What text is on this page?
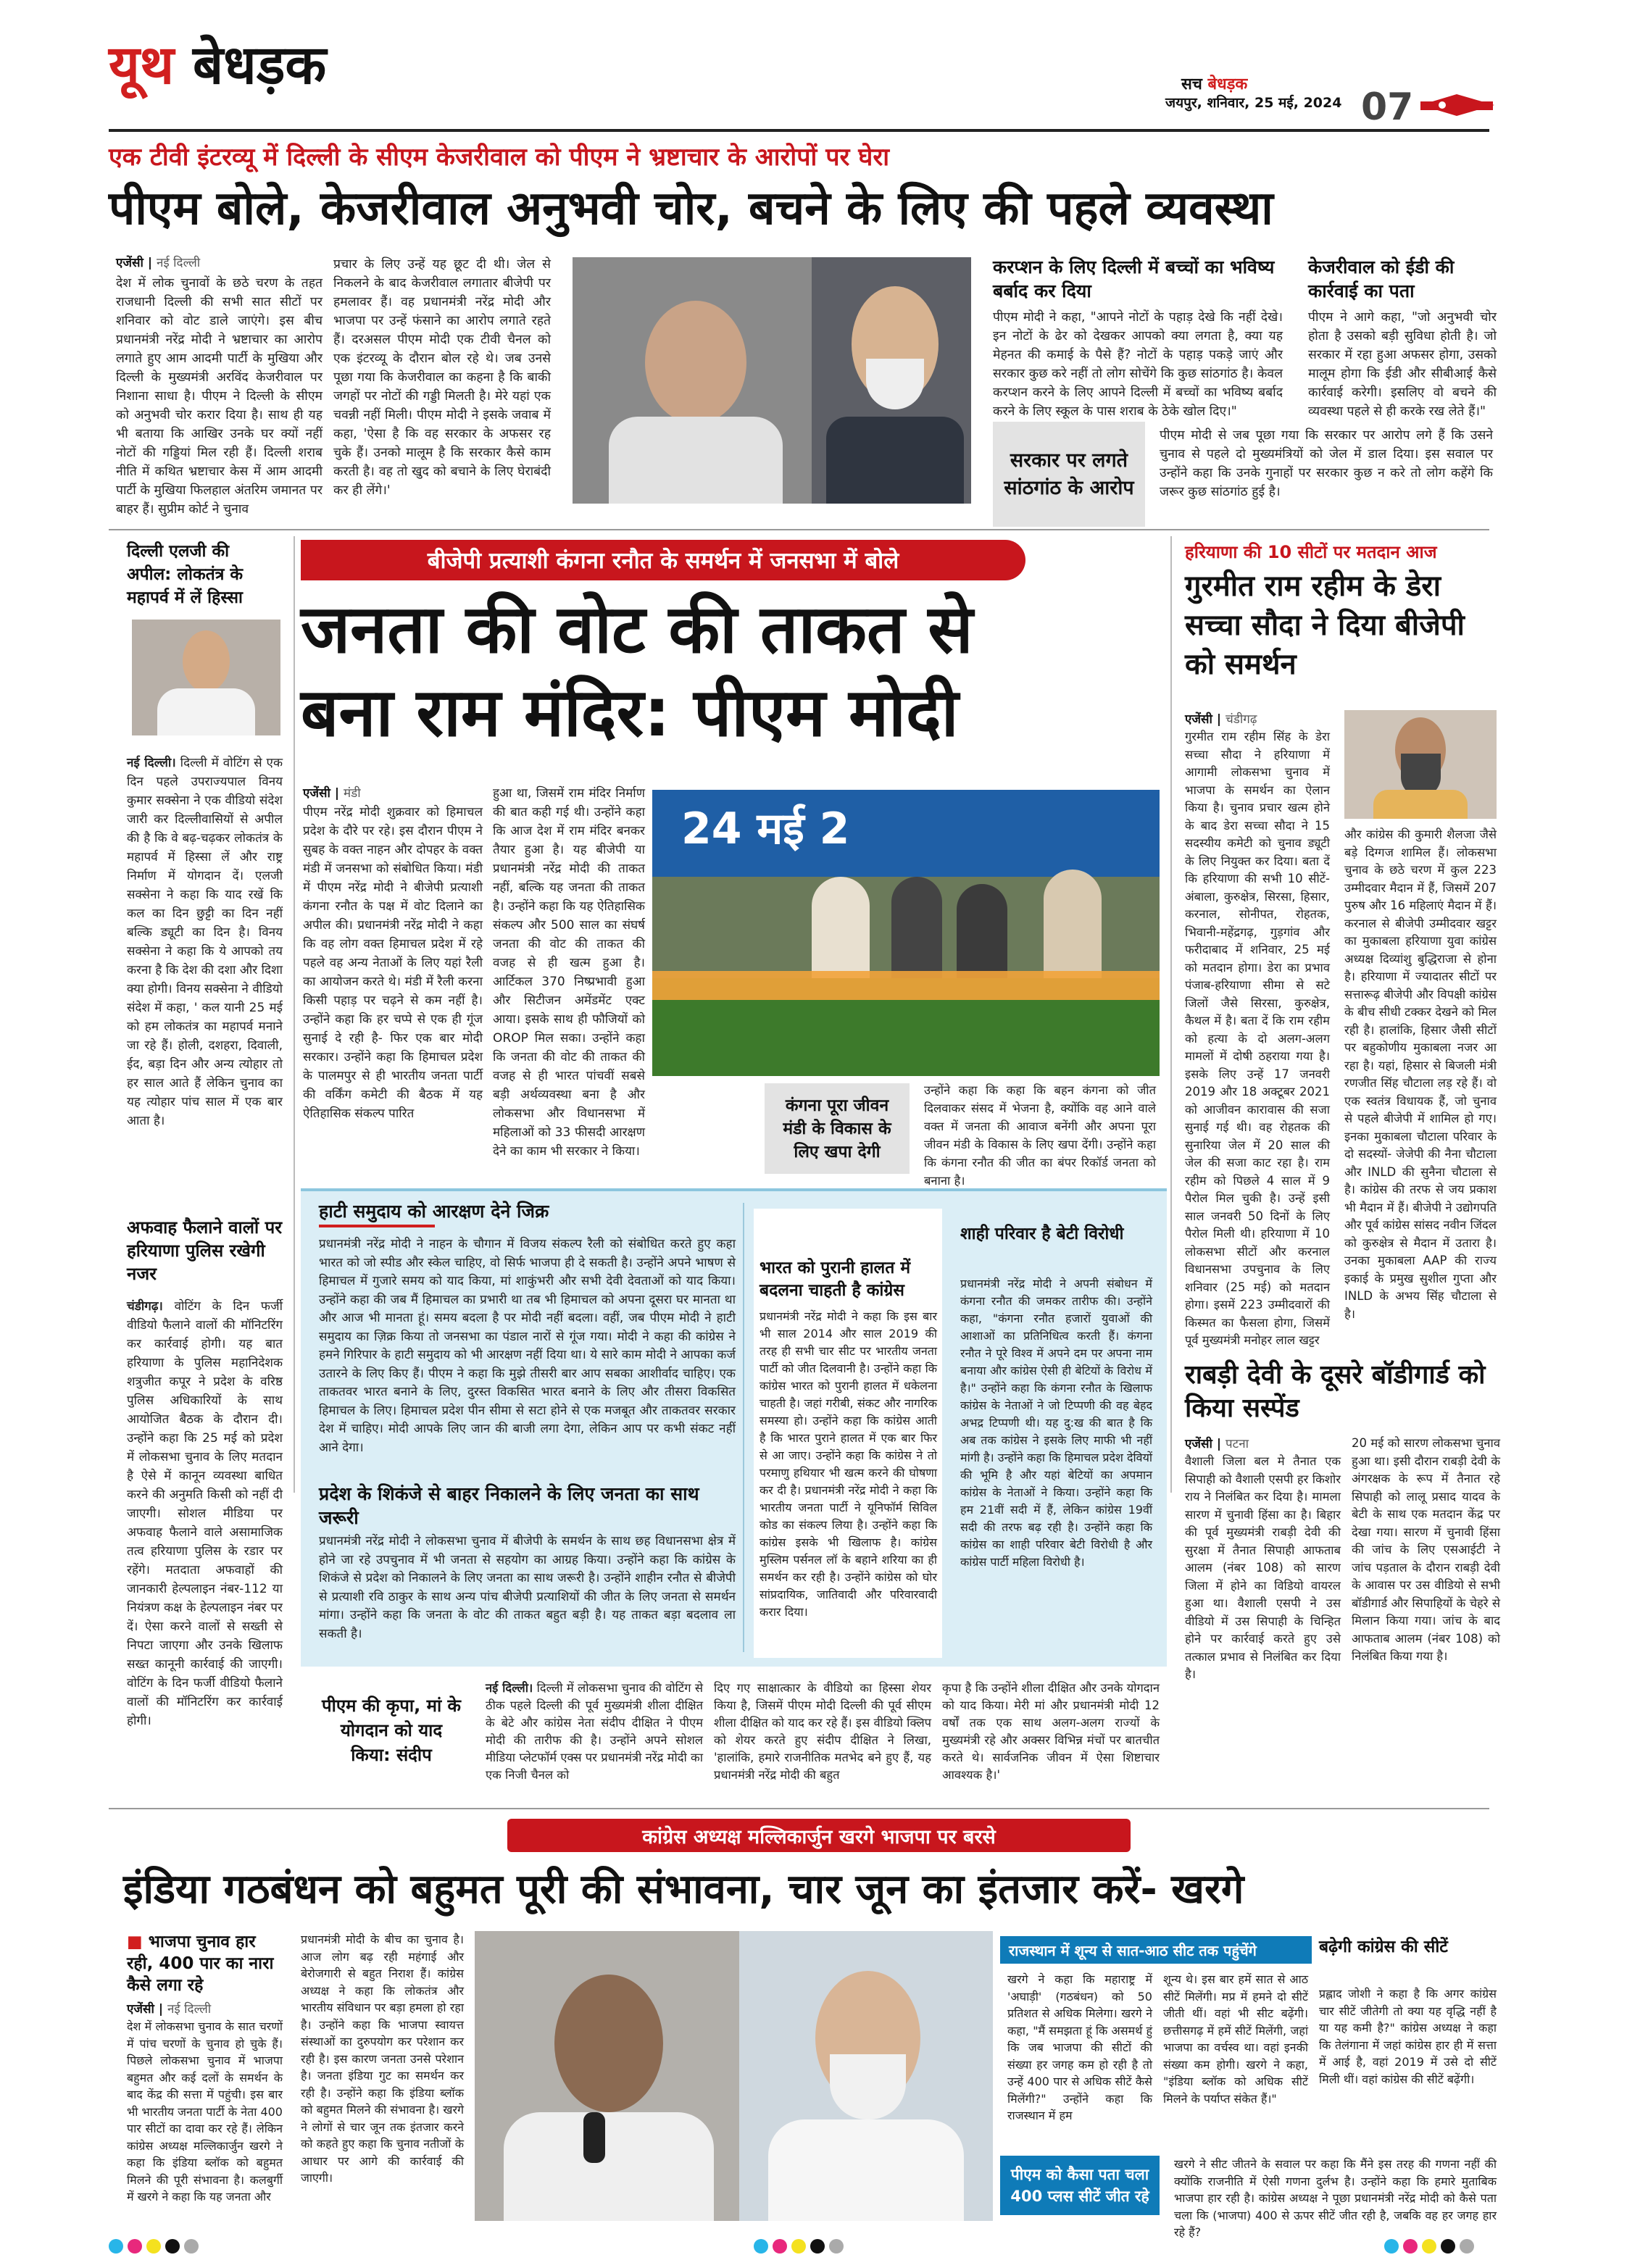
यूथ बेधड़क	सच बेधड़क
जयपुर, शनिवार, 25 मई, 2024 07
एक टीवी इंटरव्यू में दिल्ली के सीएम केजरीवाल को पीएम ने भ्रष्टाचार के आरोपों पर घेरा
पीएम बोले, केजरीवाल अनुभवी चोर, बचने के लिए की पहले व्यवस्था
एजेंसी | नई दिल्ली

देश में लोक चुनावों के छठे चरण के तहत राजधानी दिल्ली की सभी सात सीटों पर शनिवार को वोट डाले जाएंगे। इस बीच प्रधानमंत्री नरेंद्र मोदी ने भ्रष्टाचार का आरोप लगाते हुए आम आदमी पार्टी के मुखिया और दिल्ली के मुख्यमंत्री अरविंद केजरीवाल पर निशाना साधा है। पीएम ने दिल्ली के सीएम को अनुभवी चोर करार दिया है। साथ ही यह भी बताया कि आखिर उनके घर क्यों नहीं नोटों की गड्डियां मिल रही हैं। दिल्ली शराब नीति में कथित भ्रष्टाचार केस में आम आदमी पार्टी के मुखिया फिलहाल अंतरिम जमानत पर बाहर हैं। सुप्रीम कोर्ट ने चुनाव

प्रचार के लिए उन्हें यह छूट दी थी। जेल से निकलने के बाद केजरीवाल लगातार बीजेपी पर हमलावर हैं। वह प्रधानमंत्री नरेंद्र मोदी और भाजपा पर उन्हें फंसाने का आरोप लगाते रहते हैं। दरअसल पीएम मोदी एक टीवी चैनल को एक इंटरव्यू के दौरान बोल रहे थे। जब उनसे पूछा गया कि केजरीवाल का कहना है कि बाकी जगहों पर नोटों की गड्डी मिलती है। मेरे यहां एक चवन्नी नहीं मिली। पीएम मोदी ने इसके जवाब में कहा, 'ऐसा है कि वह सरकार के अफसर रह चुके हैं। उनको मालूम है कि सरकार कैसे काम करती है। वह तो खुद को बचाने के लिए घेराबंदी कर ही लेंगे।'

करप्शन के लिए दिल्ली में बच्चों का भविष्य बर्बाद कर दिया

पीएम मोदी ने कहा, "आपने नोटों के पहाड़ देखे कि नहीं देखे। इन नोटों के ढेर को देखकर आपको क्या लगता है, क्या यह मेहनत की कमाई के पैसे हैं? नोटों के पहाड़ पकड़े जाएं और सरकार कुछ करे नहीं तो लोग सोचेंगे कि कुछ सांठगांठ है। केवल करप्शन करने के लिए आपने दिल्ली में बच्चों का भविष्य बर्बाद करने के लिए स्कूल के पास शराब के ठेके खोल दिए।"

केजरीवाल को ईडी की कार्रवाई का पता

पीएम ने आगे कहा, "जो अनुभवी चोर होता है उसको बड़ी सुविधा होती है। जो सरकार में रहा हुआ अफसर होगा, उसको मालूम होगा कि ईडी और सीबीआई कैसे कार्रवाई करेगी। इसलिए वो बचने की व्यवस्था पहले से ही करके रख लेते हैं।"

सरकार पर लगते सांठगांठ के आरोप

पीएम मोदी से जब पूछा गया कि सरकार पर आरोप लगे हैं कि उसने चुनाव से पहले दो मुख्यमंत्रियों को जेल में डाल दिया। इस सवाल पर उन्होंने कहा कि उनके गुनाहों पर सरकार कुछ न करे तो लोग कहेंगे कि जरूर कुछ सांठगांठ हुई है।

दिल्ली एलजी की अपील: लोकतंत्र के महापर्व में लें हिस्सा

नई दिल्ली। दिल्ली में वोटिंग से एक दिन पहले उपराज्यपाल विनय कुमार सक्सेना ने एक वीडियो संदेश जारी कर दिल्लीवासियों से अपील की है कि वे बढ़-चढ़कर लोकतंत्र के महापर्व में हिस्सा लें और राष्ट्र निर्माण में योगदान दें। एलजी सक्सेना ने कहा कि याद रखें कि कल का दिन छुट्टी का दिन नहीं बल्कि ड्यूटी का दिन है। विनय सक्सेना ने कहा कि ये आपको तय करना है कि देश की दशा और दिशा क्या होगी। विनय सक्सेना ने वीडियो संदेश में कहा, ' कल यानी 25 मई को हम लोकतंत्र का महापर्व मनाने जा रहे हैं। होली, दशहरा, दिवाली, ईद, बड़ा दिन और अन्य त्योहार तो हर साल आते हैं लेकिन चुनाव का यह त्योहार पांच साल में एक बार आता है।

अफवाह फैलाने वालों पर हरियाणा पुलिस रखेगी नजर

चंडीगढ़। वोटिंग के दिन फर्जी वीडियो फैलाने वालों की मॉनिटरिंग कर कार्रवाई होगी। यह बात हरियाणा के पुलिस महानिदेशक शत्रुजीत कपूर ने प्रदेश के वरिष्ठ पुलिस अधिकारियों के साथ आयोजित बैठक के दौरान दी। उन्होंने कहा कि 25 मई को प्रदेश में लोकसभा चुनाव के लिए मतदान है ऐसे में कानून व्यवस्था बाधित करने की अनुमति किसी को नहीं दी जाएगी। सोशल मीडिया पर अफवाह फैलाने वाले असामाजिक तत्व हरियाणा पुलिस के रडार पर रहेंगे। मतदाता अफवाहों की जानकारी हेल्पलाइन नंबर-112 या नियंत्रण कक्ष के हेल्पलाइन नंबर पर दें। ऐसा करने वालों से सख्ती से निपटा जाएगा और उनके खिलाफ सख्त कानूनी कार्रवाई की जाएगी। वोटिंग के दिन फर्जी वीडियो फैलाने वालों की मॉनिटरिंग कर कार्रवाई होगी।

बीजेपी प्रत्याशी कंगना रनौत के समर्थन में जनसभा में बोले
जनता की वोट की ताकत से
बना राम मंदिर: पीएम मोदी
एजेंसी | मंडी

पीएम नरेंद्र मोदी शुक्रवार को हिमाचल प्रदेश के दौरे पर रहे। इस दौरान पीएम ने सुबह के वक्त नाहन और दोपहर के वक्त मंडी में जनसभा को संबोधित किया। मंडी में पीएम नरेंद्र मोदी ने बीजेपी प्रत्याशी कंगना रनौत के पक्ष में वोट दिलाने का अपील की। प्रधानमंत्री नरेंद्र मोदी ने कहा कि वह लोग वक्त हिमाचल प्रदेश में रहे पहले वह अन्य नेताओं के लिए यहां रैली का आयोजन करते थे। मंडी में रैली करना किसी पहाड़ पर चढ़ने से कम नहीं है। उन्होंने कहा कि हर चप्पे से एक ही गूंज सुनाई दे रही है- फिर एक बार मोदी सरकार। उन्होंने कहा कि हिमाचल प्रदेश के पालमपुर से ही भारतीय जनता पार्टी की वर्किंग कमेटी की बैठक में यह ऐतिहासिक संकल्प पारित

हुआ था, जिसमें राम मंदिर निर्माण की बात कही गई थी। उन्होंने कहा कि आज देश में राम मंदिर बनकर तैयार हुआ है। यह बीजेपी या प्रधानमंत्री नरेंद्र मोदी की ताकत नहीं, बल्कि यह जनता की ताकत है। उन्होंने कहा कि यह ऐतिहासिक संकल्प और 500 साल का संघर्ष जनता की वोट की ताकत की वजह से ही खत्म हुआ है। आर्टिकल 370 निष्प्रभावी हुआ और सिटीजन अमेंडमेंट एक्ट आया। इसके साथ ही फौजियों को OROP मिल सका। उन्होंने कहा कि जनता की वोट की ताकत की वजह से ही भारत पांचवीं सबसे बड़ी अर्थव्यवस्था बना है और लोकसभा और विधानसभा में महिलाओं को 33 फीसदी आरक्षण देने का काम भी सरकार ने किया।

24 मई 2
कंगना पूरा जीवन मंडी के विकास के लिए खपा देगी

उन्होंने कहा कि कहा कि बहन कंगना को जीत दिलवाकर संसद में भेजना है, क्योंकि वह आने वाले वक्त में जनता की आवाज बनेंगी और अपना पूरा जीवन मंडी के विकास के लिए खपा देंगी। उन्होंने कहा कि कंगना रनौत की जीत का बंपर रिकॉर्ड जनता को बनाना है।

हाटी समुदाय को आरक्षण देने जिक्र

प्रधानमंत्री नरेंद्र मोदी ने नाहन के चौगान में विजय संकल्प रैली को संबोधित करते हुए कहा भारत को जो स्पीड और स्केल चाहिए, वो सिर्फ भाजपा ही दे सकती है। उन्होंने अपने भाषण से हिमाचल में गुजारे समय को याद किया, मां शाकुंभरी और सभी देवी देवताओं को याद किया। उन्होंने कहा की जब मैं हिमाचल का प्रभारी था तब भी हिमाचल को अपना दूसरा घर मानता था और आज भी मानता हूं। समय बदला है पर मोदी नहीं बदला। वहीं, जब पीएम मोदी ने हाटी समुदाय का ज़िक्र किया तो जनसभा का पंडाल नारों से गूंज गया। मोदी ने कहा की कांग्रेस ने हमने गिरिपार के हाटी समुदाय को भी आरक्षण नहीं दिया था। ये सारे काम मोदी ने आपका कर्ज उतारने के लिए किए हैं। पीएम ने कहा कि मुझे तीसरी बार आप सबका आशीर्वाद चाहिए। एक ताकतवर भारत बनाने के लिए, दुरस्त विकसित भारत बनाने के लिए और तीसरा विकसित हिमाचल के लिए। हिमाचल प्रदेश पीन सीमा से सटा होने से एक मजबूत और ताकतवर सरकार देश में चाहिए। मोदी आपके लिए जान की बाजी लगा देगा, लेकिन आप पर कभी संकट नहीं आने देगा।

प्रदेश के शिकंजे से बाहर निकालने के लिए जनता का साथ जरूरी

प्रधानमंत्री नरेंद्र मोदी ने लोकसभा चुनाव में बीजेपी के समर्थन के साथ छह विधानसभा क्षेत्र में होने जा रहे उपचुनाव में भी जनता से सहयोग का आग्रह किया। उन्होंने कहा कि कांग्रेस के शिकंजे से प्रदेश को निकालने के लिए जनता का साथ जरूरी है। उन्होंने शाहीन रनौत से बीजेपी से प्रत्याशी रवि ठाकुर के साथ अन्य पांच बीजेपी प्रत्याशियों की जीत के लिए जनता से समर्थन मांगा। उन्होंने कहा कि जनता के वोट की ताकत बहुत बड़ी है। यह ताकत बड़ा बदलाव ला सकती है।

भारत को पुरानी हालत में बदलना चाहती है कांग्रेस

प्रधानमंत्री नरेंद्र मोदी ने कहा कि इस बार भी साल 2014 और साल 2019 की तरह ही सभी चार सीट पर भारतीय जनता पार्टी को जीत दिलवानी है। उन्होंने कहा कि कांग्रेस भारत को पुरानी हालत में धकेलना चाहती है। जहां गरीबी, संकट और नागरिक समस्या हो। उन्होंने कहा कि कांग्रेस आती है कि भारत पुराने हालत में एक बार फिर से आ जाए। उन्होंने कहा कि कांग्रेस ने तो परमाणु हथियार भी खत्म करने की घोषणा कर दी है। प्रधानमंत्री नरेंद्र मोदी ने कहा कि भारतीय जनता पार्टी ने यूनिफॉर्म सिविल कोड का संकल्प लिया है। उन्होंने कहा कि कांग्रेस इसके भी खिलाफ है। कांग्रेस मुस्लिम पर्सनल लॉ के बहाने शरिया का ही समर्थन कर रही है। उन्होंने कांग्रेस को घोर सांप्रदायिक, जातिवादी और परिवारवादी करार दिया।

शाही परिवार है बेटी विरोधी

प्रधानमंत्री नरेंद्र मोदी ने अपनी संबोधन में कंगना रनौत की जमकर तारीफ की। उन्होंने कहा, "कंगना रनौत हजारों युवाओं की आशाओं का प्रतिनिधित्व करती हैं। कंगना रनौत ने पूरे विश्व में अपने दम पर अपना नाम बनाया और कांग्रेस ऐसी ही बेटियों के विरोध में है।" उन्होंने कहा कि कंगना रनौत के खिलाफ कांग्रेस के नेताओं ने जो टिप्पणी की वह बेहद अभद्र टिप्पणी थी। यह दु:ख की बात है कि अब तक कांग्रेस ने इसके लिए माफी भी नहीं मांगी है। उन्होंने कहा कि हिमाचल प्रदेश देवियों की भूमि है और यहां बेटियों का अपमान कांग्रेस के नेताओं ने किया। उन्होंने कहा कि हम 21वीं सदी में हैं, लेकिन कांग्रेस 19वीं सदी की तरफ बढ़ रही है। उन्होंने कहा कि कांग्रेस का शाही परिवार बेटी विरोधी है और कांग्रेस पार्टी महिला विरोधी है।

पीएम की कृपा, मां के योगदान को याद किया: संदीप

नई दिल्ली। दिल्ली में लोकसभा चुनाव की वोटिंग से ठीक पहले दिल्ली की पूर्व मुख्यमंत्री शीला दीक्षित के बेटे और कांग्रेस नेता संदीप दीक्षित ने पीएम मोदी की तारीफ की है। उन्होंने अपने सोशल मीडिया प्लेटफॉर्म एक्स पर प्रधानमंत्री नरेंद्र मोदी का एक निजी चैनल को

दिए गए साक्षात्कार के वीडियो का हिस्सा शेयर किया है, जिसमें पीएम मोदी दिल्ली की पूर्व सीएम शीला दीक्षित को याद कर रहे हैं। इस वीडियो क्लिप को शेयर करते हुए संदीप दीक्षित ने लिखा, 'हालांकि, हमारे राजनीतिक मतभेद बने हुए हैं, यह प्रधानमंत्री नरेंद्र मोदी की बहुत

कृपा है कि उन्होंने शीला दीक्षित और उनके योगदान को याद किया। मेरी मां और प्रधानमंत्री मोदी 12 वर्षों तक एक साथ अलग-अलग राज्यों के मुख्यमंत्री रहे और अक्सर विभिन्न मंचों पर बातचीत करते थे। सार्वजनिक जीवन में ऐसा शिष्टाचार आवश्यक है।'

हरियाणा की 10 सीटों पर मतदान आज
गुरमीत राम रहीम के डेरा सच्चा सौदा ने दिया बीजेपी को समर्थन
एजेंसी | चंडीगढ़

गुरमीत राम रहीम सिंह के डेरा सच्चा सौदा ने हरियाणा में आगामी लोकसभा चुनाव में भाजपा के समर्थन का ऐलान किया है। चुनाव प्रचार खत्म होने के बाद डेरा सच्चा सौदा ने 15 सदस्यीय कमेटी को चुनाव ड्यूटी के लिए नियुक्त कर दिया। बता दें कि हरियाणा की सभी 10 सीटें- अंबाला, कुरुक्षेत्र, सिरसा, हिसार, करनाल, सोनीपत, रोहतक, भिवानी-महेंद्रगढ़, गुड़गांव और फरीदाबाद में शनिवार, 25 मई को मतदान होगा। डेरा का प्रभाव पंजाब-हरियाणा सीमा से सटे जिलों जैसे सिरसा, कुरुक्षेत्र, कैथल में है। बता दें कि राम रहीम को हत्या के दो अलग-अलग मामलों में दोषी ठहराया गया है। इसके लिए उन्हें 17 जनवरी 2019 और 18 अक्टूबर 2021 को आजीवन कारावास की सजा सुनाई गई थी। वह रोहतक की सुनारिया जेल में 20 साल की जेल की सजा काट रहा है। राम रहीम को पिछले 4 साल में 9 पैरोल मिल चुकी है। उन्हें इसी साल जनवरी 50 दिनों के लिए पैरोल मिली थी। हरियाणा में 10 लोकसभा सीटों और करनाल विधानसभा उपचुनाव के लिए शनिवार (25 मई) को मतदान होगा। इसमें 223 उम्मीदवारों की किस्मत का फैसला होगा, जिसमें पूर्व मुख्यमंत्री मनोहर लाल खट्टर

और कांग्रेस की कुमारी शैलजा जैसे बड़े दिग्गज शामिल हैं। लोकसभा चुनाव के छठे चरण में कुल 223 उम्मीदवार मैदान में हैं, जिसमें 207 पुरुष और 16 महिलाएं मैदान में हैं। करनाल से बीजेपी उम्मीदवार खट्टर का मुकाबला हरियाणा युवा कांग्रेस अध्यक्ष दिव्यांशु बुद्धिराजा से होना है। हरियाणा में ज्यादातर सीटों पर सत्तारूढ़ बीजेपी और विपक्षी कांग्रेस के बीच सीधी टक्कर देखने को मिल रही है। हालांकि, हिसार जैसी सीटों पर बहुकोणीय मुकाबला नजर आ रहा है। यहां, हिसार से बिजली मंत्री रणजीत सिंह चौटाला लड़ रहे हैं। वो एक स्वतंत्र विधायक हैं, जो चुनाव से पहले बीजेपी में शामिल हो गए। इनका मुकाबला चौटाला परिवार के दो सदस्यों- जेजेपी की नैना चौटाला और INLD की सुनैना चौटाला से है। कांग्रेस की तरफ से जय प्रकाश भी मैदान में हैं। बीजेपी ने उद्योगपति और पूर्व कांग्रेस सांसद नवीन जिंदल को कुरुक्षेत्र से मैदान में उतारा है। उनका मुकाबला AAP की राज्य इकाई के प्रमुख सुशील गुप्ता और INLD के अभय सिंह चौटाला से है।

राबड़ी देवी के दूसरे बॉडीगार्ड को किया सस्पेंड
एजेंसी | पटना

वैशाली जिला बल मे तैनात एक सिपाही को वैशाली एसपी हर किशोर राय ने निलंबित कर दिया है। मामला सारण में चुनावी हिंसा का है। बिहार की पूर्व मुख्यमंत्री राबड़ी देवी की सुरक्षा में तैनात सिपाही आफताब आलम (नंबर 108) को सारण जिला में होने का विडियो वायरल हुआ था। वैशाली एसपी ने उस वीडियो में उस सिपाही के चिन्हित होने पर कार्रवाई करते हुए उसे तत्काल प्रभाव से निलंबित कर दिया है।

20 मई को सारण लोकसभा चुनाव हुआ था। इसी दौरान राबड़ी देवी के अंगरक्षक के रूप में तैनात रहे सिपाही को लालू प्रसाद यादव के बेटी के साथ एक मतदान केंद्र पर देखा गया। सारण में चुनावी हिंसा की जांच के लिए एसआईटी ने जांच पड़ताल के दौरान राबड़ी देवी के आवास पर उस वीडियो से सभी बॉडीगार्ड और सिपाहियों के चेहरे से मिलान किया गया। जांच के बाद आफताब आलम (नंबर 108) को निलंबित किया गया है।

कांग्रेस अध्यक्ष मल्लिकार्जुन खरगे भाजपा पर बरसे
इंडिया गठबंधन को बहुमत पूरी की संभावना, चार जून का इंतजार करें- खरगे
■ भाजपा चुनाव हार रही, 400 पार का नारा कैसे लगा रहे
एजेंसी | नई दिल्ली

देश में लोकसभा चुनाव के सात चरणों में पांच चरणों के चुनाव हो चुके हैं। पिछले लोकसभा चुनाव में भाजपा बहुमत और कई दलों के समर्थन के बाद केंद्र की सत्ता में पहुंची। इस बार भी भारतीय जनता पार्टी के नेता 400 पार सीटों का दावा कर रहे हैं। लेकिन कांग्रेस अध्यक्ष मल्लिकार्जुन खरगे ने कहा कि इंडिया ब्लॉक को बहुमत मिलने की पूरी संभावना है। कलबुर्गी में खरगे ने कहा कि यह जनता और

प्रधानमंत्री मोदी के बीच का चुनाव है। आज लोग बढ़ रही महंगाई और बेरोजगारी से बहुत निराश हैं। कांग्रेस अध्यक्ष ने कहा कि लोकतंत्र और भारतीय संविधान पर बड़ा हमला हो रहा है। उन्होंने कहा कि भाजपा स्वायत्त संस्थाओं का दुरुपयोग कर परेशान कर रही है। इस कारण जनता उनसे परेशान है। जनता इंडिया गुट का समर्थन कर रही है। उन्होंने कहा कि इंडिया ब्लॉक को बहुमत मिलने की संभावना है। खरगे ने लोगों से चार जून तक इंतजार करने को कहते हुए कहा कि चुनाव नतीजों के आधार पर आगे की कार्रवाई की जाएगी।

राजस्थान में शून्य से सात-आठ सीट तक पहुंचेंगे

खरगे ने कहा कि महाराष्ट्र में 'अघाड़ी' (गठबंधन) को 50 प्रतिशत से अधिक मिलेगा। खरगे ने कहा, "मैं समझता हूं कि असमर्थ हुं कि जब भाजपा की सीटों की संख्या हर जगह कम हो रही है तो उन्हें 400 पार से अधिक सीटें कैसे मिलेंगी?" उन्होंने कहा कि राजस्थान में हम

शून्य थे। इस बार हमें सात से आठ सीटें मिलेंगी। मप्र में हमने दो सीटें जीती थीं। वहां भी सीट बढ़ेंगी। छत्तीसगढ़ में हमें सीटें मिलेंगी, जहां भाजपा का वर्चस्व था। वहां इनकी संख्या कम होगी। खरगे ने कहा, "इंडिया ब्लॉक को अधिक सीटें मिलने के पर्याप्त संकेत हैं।"

बढ़ेगी कांग्रेस की सीटें

प्रह्लाद जोशी ने कहा है कि अगर कांग्रेस चार सीटें जीतेगी तो क्या यह वृद्धि नहीं है या यह कमी है?" कांग्रेस अध्यक्ष ने कहा कि तेलंगाना में जहां कांग्रेस हार ही में सत्ता में आई है, वहां 2019 में उसे दो सीटें मिली थीं। वहां कांग्रेस की सीटें बढ़ेंगी।

पीएम को कैसा पता चला 400 प्लस सीटें जीत रहे

खरगे ने सीट जीतने के सवाल पर कहा कि मैंने इस तरह की गणना नहीं की क्योंकि राजनीति में ऐसी गणना दुर्लभ है। उन्होंने कहा कि हमारे मुताबिक भाजपा हार रही है। कांग्रेस अध्यक्ष ने पूछा प्रधानमंत्री नरेंद्र मोदी को कैसे पता चला कि (भाजपा) 400 से ऊपर सीटें जीत रही है, जबकि वह हर जगह हार रहे हैं?
